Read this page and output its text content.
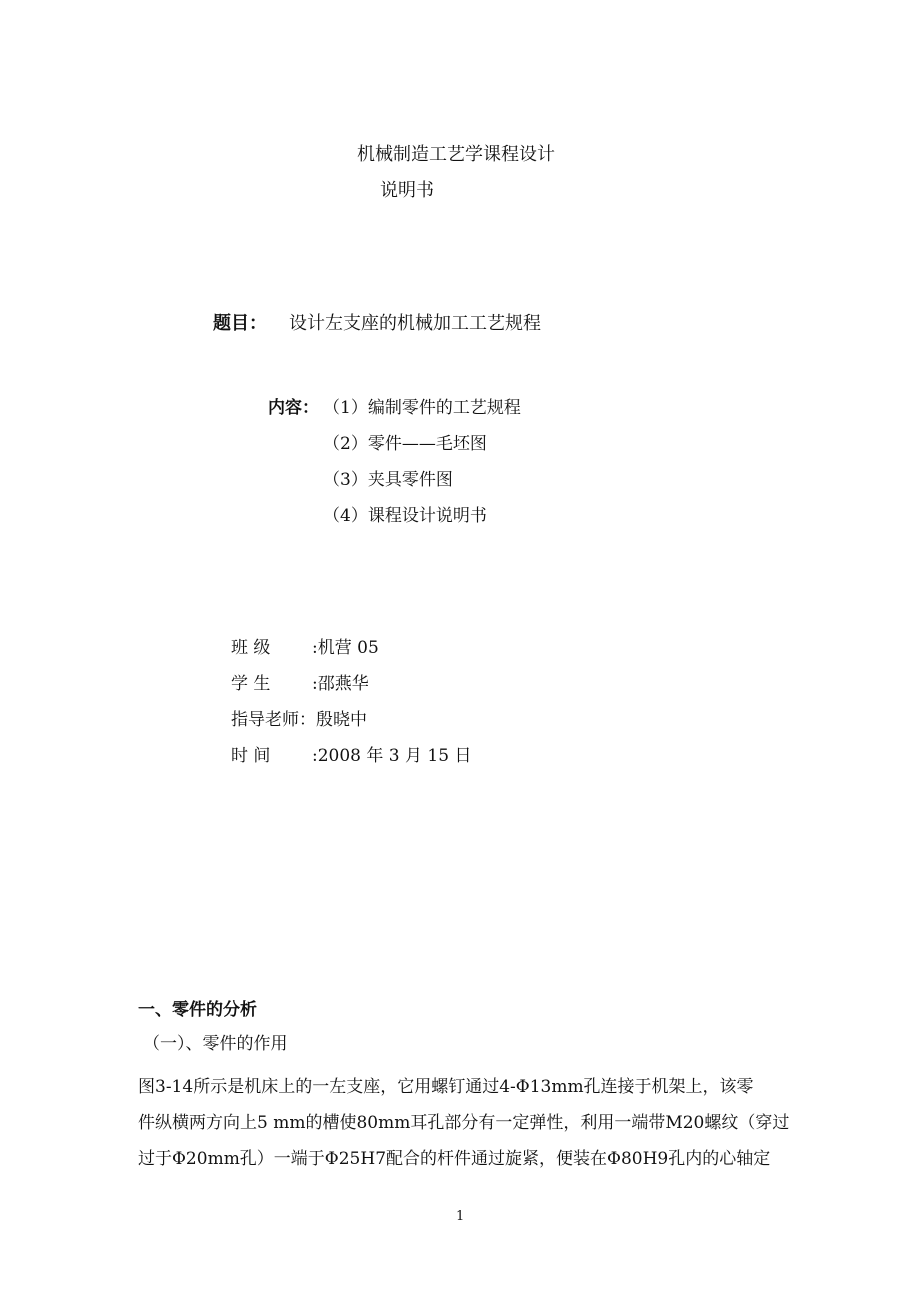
机械制造工艺学课程设计
说明书
题目： 设计左支座的机械加工工艺规程
内容： （1）编制零件的工艺规程
（2）零件——毛坯图
（3）夹具零件图
（4）课程设计说明书
班 级 :机营 05
学 生 :邵燕华
指导老师：殷晓中
时 间 :2008 年 3 月 15 日
一、零件的分析
（一）、零件的作用
图3-14所示是机床上的一左支座，它用螺钉通过4-Φ13mm孔连接于机架上，该零
件纵横两方向上5 mm的槽使80mm耳孔部分有一定弹性，利用一端带M20螺纹（穿过
过于Φ20mm孔）一端于Φ25H7配合的杆件通过旋紧，便装在Φ80H9孔内的心轴定
1
